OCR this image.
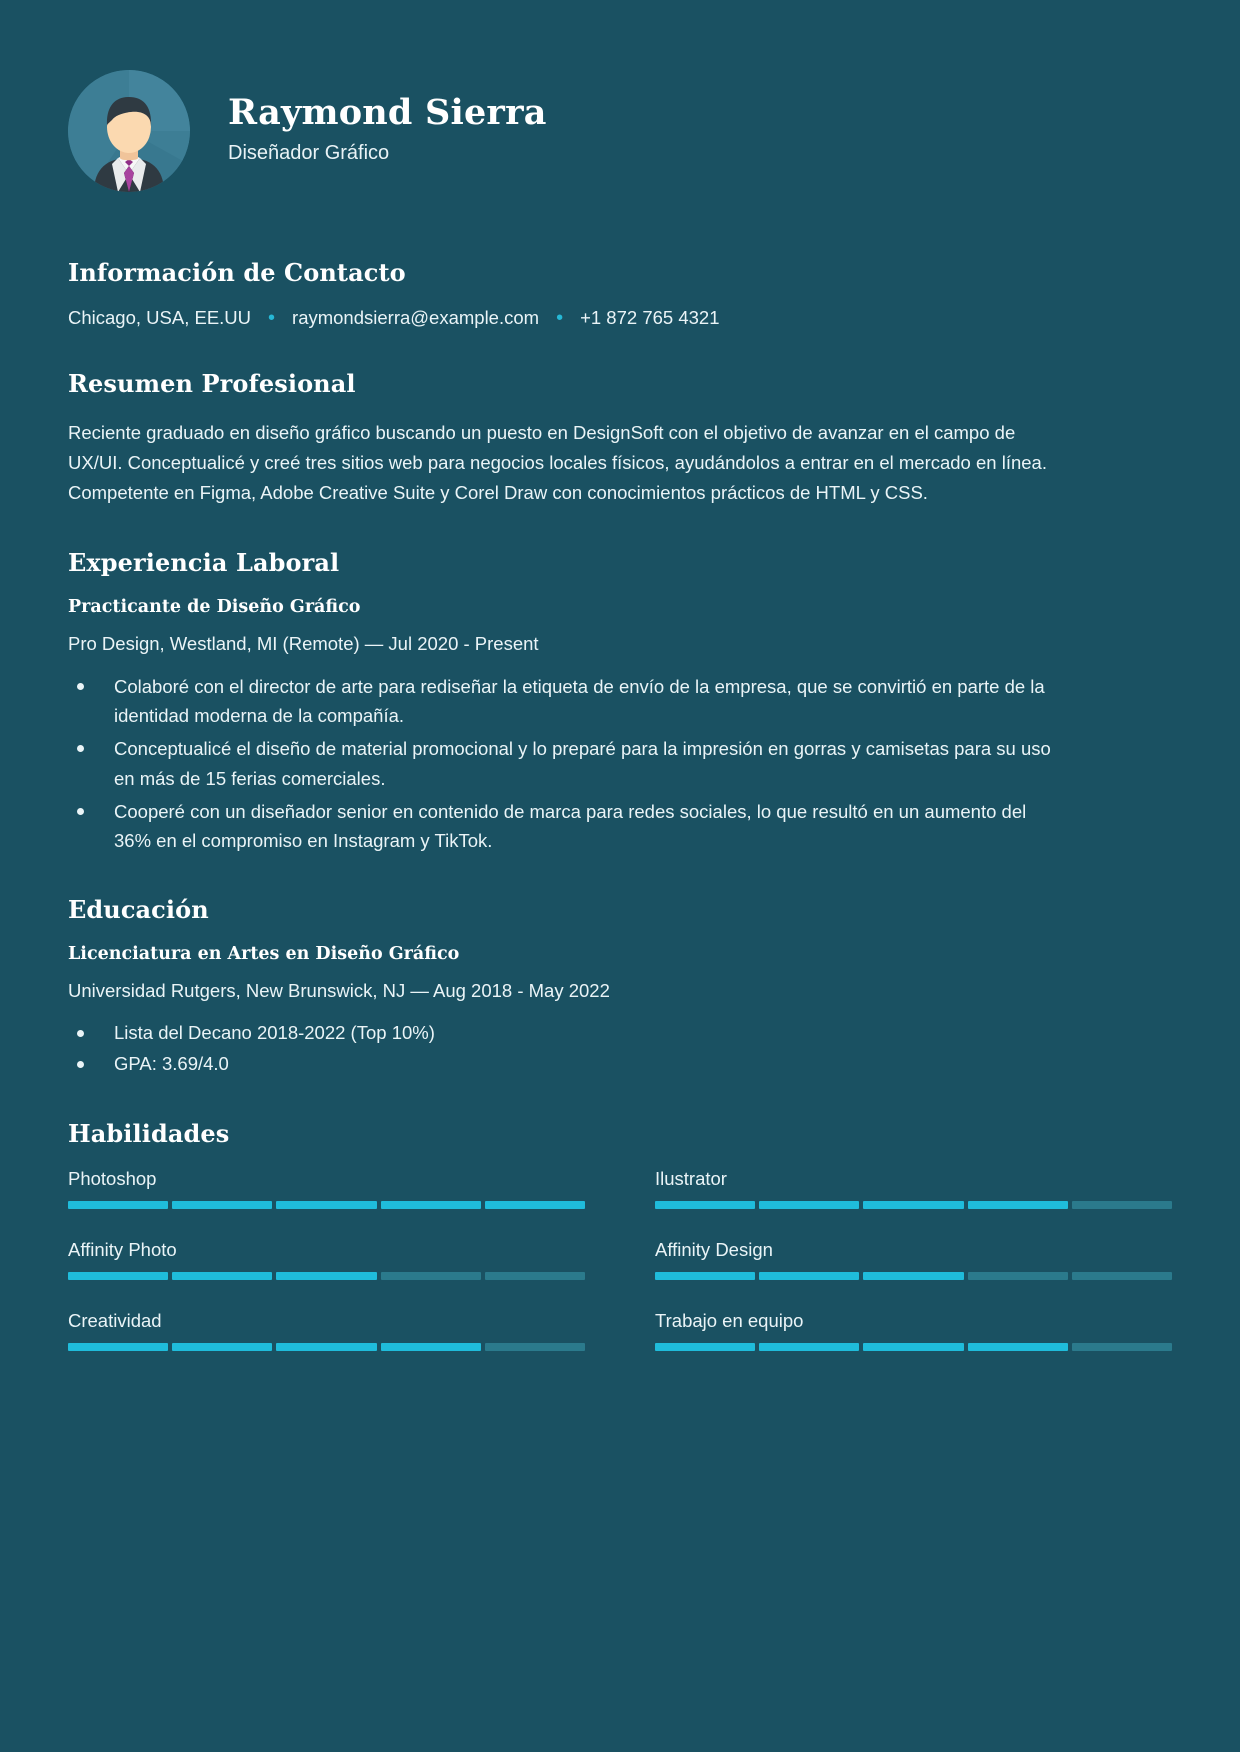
Raymond Sierra
Diseñador Gráfico
Información de Contacto
Chicago, USA, EE.UU • raymondsierra@example.com • +1 872 765 4321
Resumen Profesional
Reciente graduado en diseño gráfico buscando un puesto en DesignSoft con el objetivo de avanzar en el campo de UX/UI. Conceptualicé y creé tres sitios web para negocios locales físicos, ayudándolos a entrar en el mercado en línea. Competente en Figma, Adobe Creative Suite y Corel Draw con conocimientos prácticos de HTML y CSS.
Experiencia Laboral
Practicante de Diseño Gráfico
Pro Design, Westland, MI (Remote) — Jul 2020 - Present
Colaboré con el director de arte para rediseñar la etiqueta de envío de la empresa, que se convirtió en parte de la identidad moderna de la compañía.
Conceptualicé el diseño de material promocional y lo preparé para la impresión en gorras y camisetas para su uso en más de 15 ferias comerciales.
Cooperé con un diseñador senior en contenido de marca para redes sociales, lo que resultó en un aumento del 36% en el compromiso en Instagram y TikTok.
Educación
Licenciatura en Artes en Diseño Gráfico
Universidad Rutgers, New Brunswick, NJ — Aug 2018 - May 2022
Lista del Decano 2018-2022 (Top 10%)
GPA: 3.69/4.0
Habilidades
Photoshop	Ilustrator
Affinity Photo	Affinity Design
Creatividad	Trabajo en equipo
